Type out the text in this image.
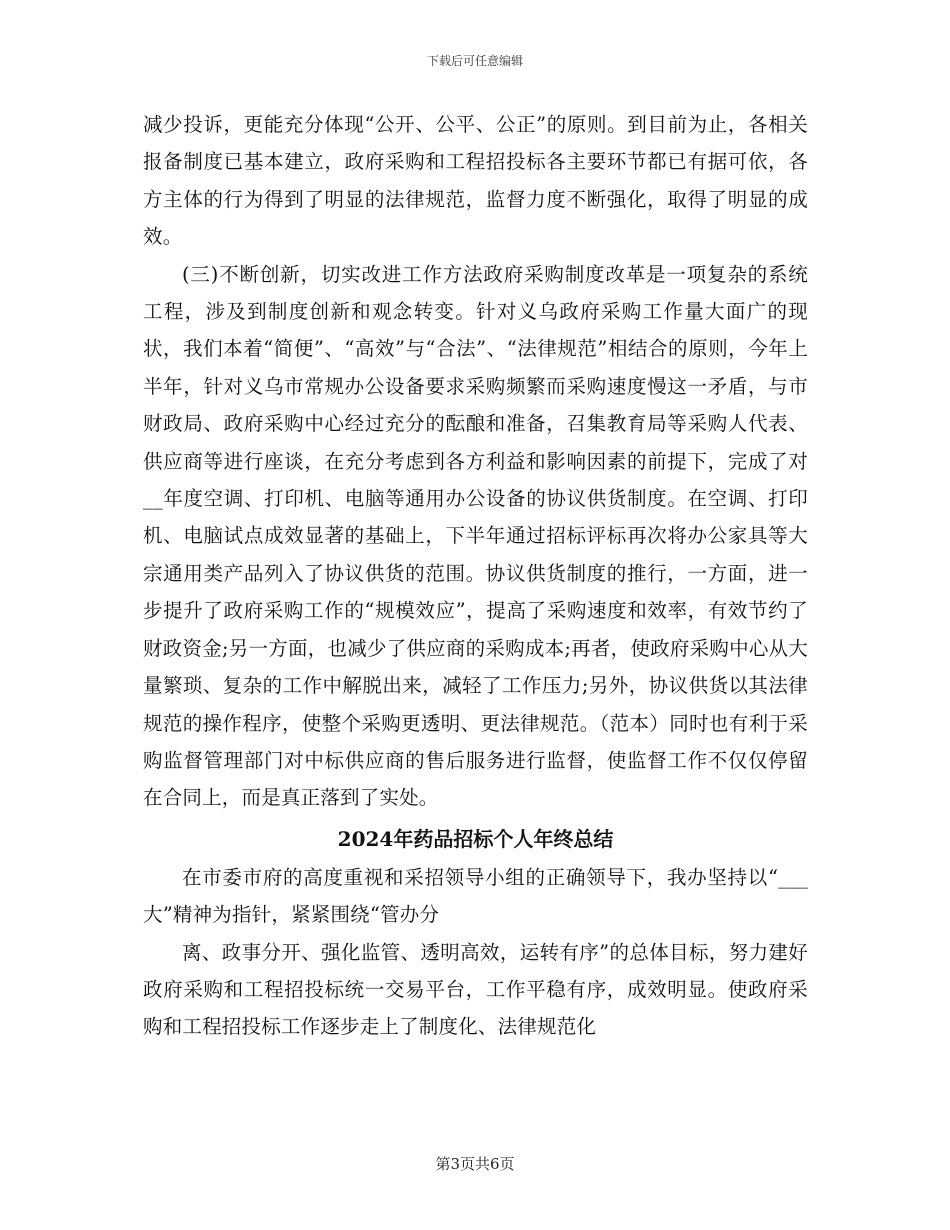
下载后可任意编辑

减少投诉，更能充分体现“公开、公平、公正”的原则。到目前为止，各相关报备制度已基本建立，政府采购和工程招投标各主要环节都已有据可依，各方主体的行为得到了明显的法律规范，监督力度不断强化，取得了明显的成效。

(三)不断创新，切实改进工作方法政府采购制度改革是一项复杂的系统工程，涉及到制度创新和观念转变。针对义乌政府采购工作量大面广的现状，我们本着“简便”、“高效”与“合法”、“法律规范”相结合的原则，今年上半年，针对义乌市常规办公设备要求采购频繁而采购速度慢这一矛盾，与市财政局、政府采购中心经过充分的酝酿和准备，召集教育局等采购人代表、供应商等进行座谈，在充分考虑到各方利益和影响因素的前提下，完成了对__年度空调、打印机、电脑等通用办公设备的协议供货制度。在空调、打印机、电脑试点成效显著的基础上，下半年通过招标评标再次将办公家具等大宗通用类产品列入了协议供货的范围。协议供货制度的推行，一方面，进一步提升了政府采购工作的“规模效应”，提高了采购速度和效率，有效节约了财政资金;另一方面，也减少了供应商的采购成本;再者，使政府采购中心从大量繁琐、复杂的工作中解脱出来，减轻了工作压力;另外，协议供货以其法律规范的操作程序，使整个采购更透明、更法律规范。（范本）同时也有利于采购监督管理部门对中标供应商的售后服务进行监督，使监督工作不仅仅停留在合同上，而是真正落到了实处。

2024年药品招标个人年终总结

在市委市府的高度重视和采招领导小组的正确领导下，我办坚持以“___大”精神为指针，紧紧围绕“管办分

离、政事分开、强化监管、透明高效，运转有序”的总体目标，努力建好政府采购和工程招投标统一交易平台，工作平稳有序，成效明显。使政府采购和工程招投标工作逐步走上了制度化、法律规范化

第3页共6页
